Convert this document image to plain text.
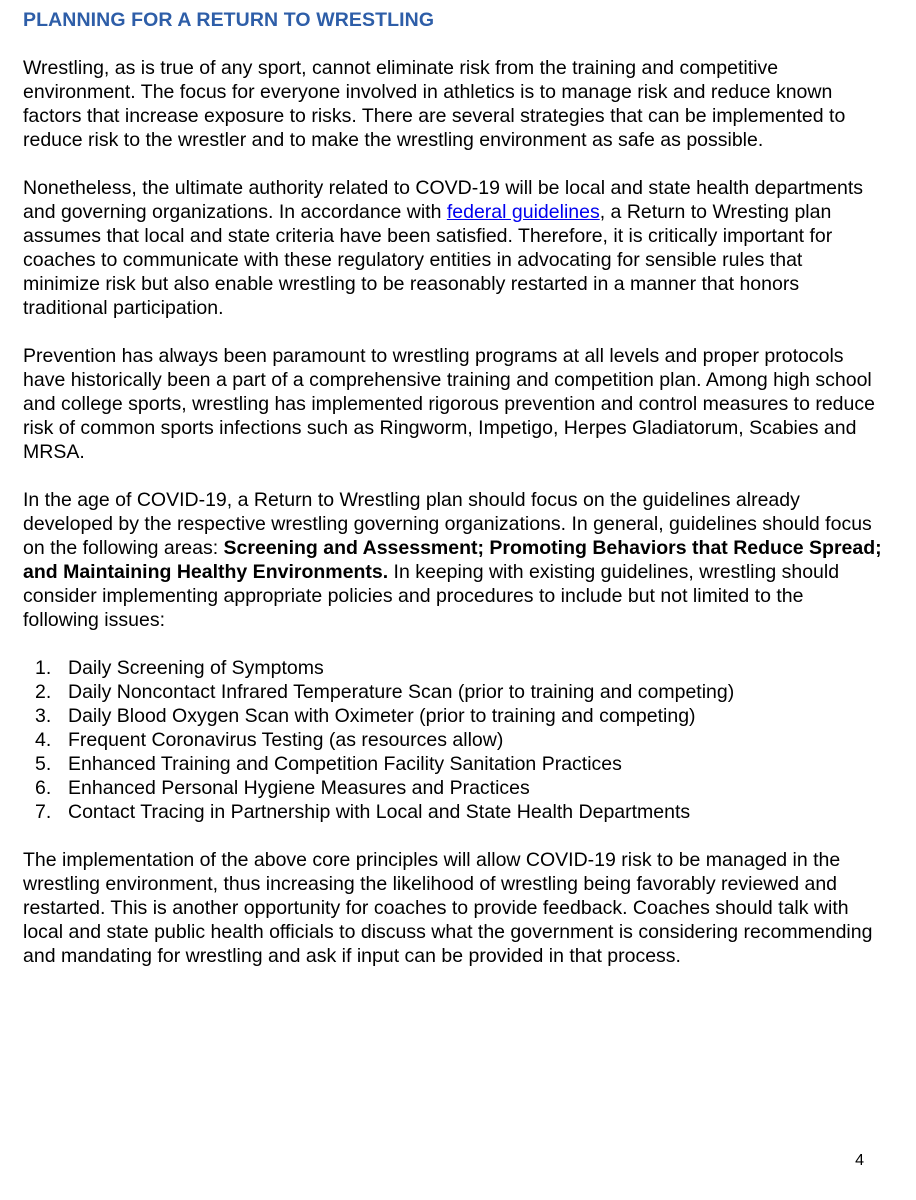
PLANNING FOR A RETURN TO WRESTLING

Wrestling, as is true of any sport, cannot eliminate risk from the training and competitive environment. The focus for everyone involved in athletics is to manage risk and reduce known factors that increase exposure to risks. There are several strategies that can be implemented to reduce risk to the wrestler and to make the wrestling environment as safe as possible.

Nonetheless, the ultimate authority related to COVD-19 will be local and state health departments and governing organizations. In accordance with federal guidelines, a Return to Wresting plan assumes that local and state criteria have been satisfied. Therefore, it is critically important for coaches to communicate with these regulatory entities in advocating for sensible rules that minimize risk but also enable wrestling to be reasonably restarted in a manner that honors traditional participation.

Prevention has always been paramount to wrestling programs at all levels and proper protocols have historically been a part of a comprehensive training and competition plan. Among high school and college sports, wrestling has implemented rigorous prevention and control measures to reduce risk of common sports infections such as Ringworm, Impetigo, Herpes Gladiatorum, Scabies and MRSA.

In the age of COVID-19, a Return to Wrestling plan should focus on the guidelines already developed by the respective wrestling governing organizations. In general, guidelines should focus on the following areas: Screening and Assessment; Promoting Behaviors that Reduce Spread; and Maintaining Healthy Environments. In keeping with existing guidelines, wrestling should consider implementing appropriate policies and procedures to include but not limited to the following issues:

1. Daily Screening of Symptoms
2. Daily Noncontact Infrared Temperature Scan (prior to training and competing)
3. Daily Blood Oxygen Scan with Oximeter (prior to training and competing)
4. Frequent Coronavirus Testing (as resources allow)
5. Enhanced Training and Competition Facility Sanitation Practices
6. Enhanced Personal Hygiene Measures and Practices
7. Contact Tracing in Partnership with Local and State Health Departments

The implementation of the above core principles will allow COVID-19 risk to be managed in the wrestling environment, thus increasing the likelihood of wrestling being favorably reviewed and restarted. This is another opportunity for coaches to provide feedback. Coaches should talk with local and state public health officials to discuss what the government is considering recommending and mandating for wrestling and ask if input can be provided in that process.

4
